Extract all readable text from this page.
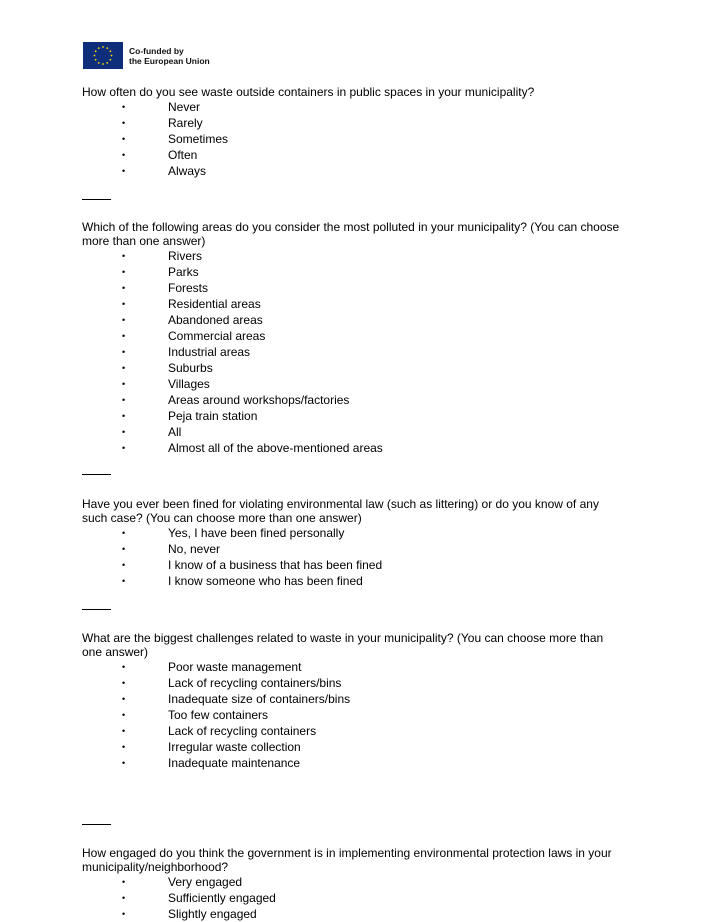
Co-funded by
the European Union

How often do you see waste outside containers in public spaces in your municipality?

•	Never
•	Rarely
•	Sometimes
•	Often
•	Always

Which of the following areas do you consider the most polluted in your municipality? (You can choose more than one answer)

•	Rivers
•	Parks
•	Forests
•	Residential areas
•	Abandoned areas
•	Commercial areas
•	Industrial areas
•	Suburbs
•	Villages
•	Areas around workshops/factories
•	Peja train station
•	All
•	Almost all of the above-mentioned areas

Have you ever been fined for violating environmental law (such as littering) or do you know of any such case? (You can choose more than one answer)

•	Yes, I have been fined personally
•	No, never
•	I know of a business that has been fined
•	I know someone who has been fined

What are the biggest challenges related to waste in your municipality? (You can choose more than one answer)

•	Poor waste management
•	Lack of recycling containers/bins
•	Inadequate size of containers/bins
•	Too few containers
•	Lack of recycling containers
•	Irregular waste collection
•	Inadequate maintenance

How engaged do you think the government is in implementing environmental protection laws in your municipality/neighborhood?

•	Very engaged
•	Sufficiently engaged
•	Slightly engaged
